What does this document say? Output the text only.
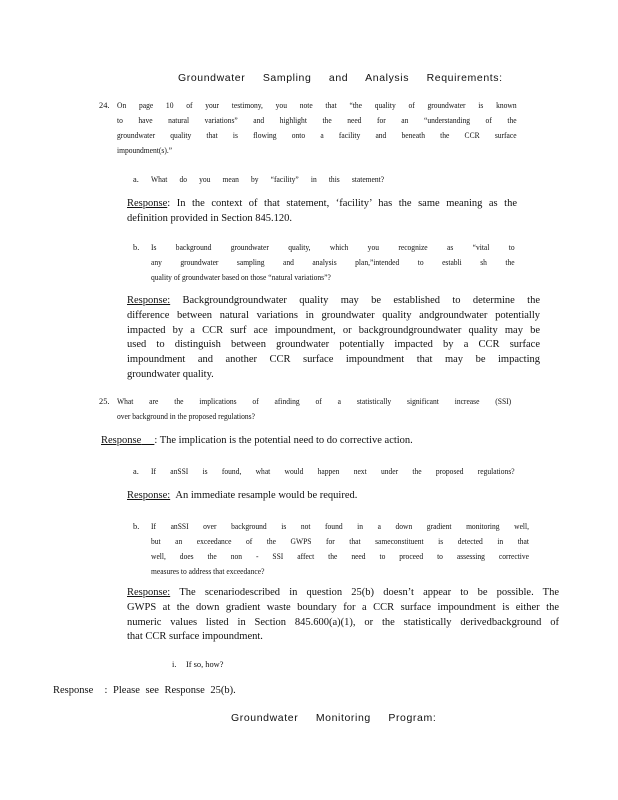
Groundwater Sampling and Analysis Requirements:
24. On page 10 of your testimony, you note that “the quality of groundwater is known
to have natural variations” and highlight the need for an “understanding of the
groundwater quality that is flowing onto a facility and beneath the CCR surface
impoundment(s).”
a. What do you mean by “facility” in this statement?
Response: In the context of that statement, ‘facility’ has the same meaning as the
definition provided in Section 845.120.
b. Is background groundwater quality, which you recognize as “vital to
any groundwater sampling and analysis plan,”intended to establi sh the
quality of groundwater based on those “natural variations”?
Response: Backgroundgroundwater quality may be established to determine the
difference between natural variations in groundwater quality andgroundwater potentially
impacted by a CCR surf ace impoundment, or backgroundgroundwater quality may be
used to distinguish between groundwater potentially impacted by a CCR surface
impoundment and another CCR surface impoundment that may be impacting
groundwater quality.
25. What are the implications of afinding of a statistically significant increase (SSI)
over background in the proposed regulations?
Response : The implication is the potential need to do corrective action.
a. If anSSI is found, what would happen next under the proposed regulations?
Response: An immediate resample would be required.
b. If anSSI over background is not found in a down gradient monitoring well,
but an exceedance of the GWPS for that sameconstituent is detected in that
well, does the non - SSI affect the need to proceed to assessing corrective
measures to address that exceedance?
Response: The scenariodescribed in question 25(b) doesn’t appear to be possible. The
GWPS at the down gradient waste boundary for a CCR surface impoundment is either the
numeric values listed in Section 845.600(a)(1), or the statistically derivedbackground of
that CCR surface impoundment.
i. If so, how?
Response : Please see Response 25(b).
Groundwater Monitoring Program:
